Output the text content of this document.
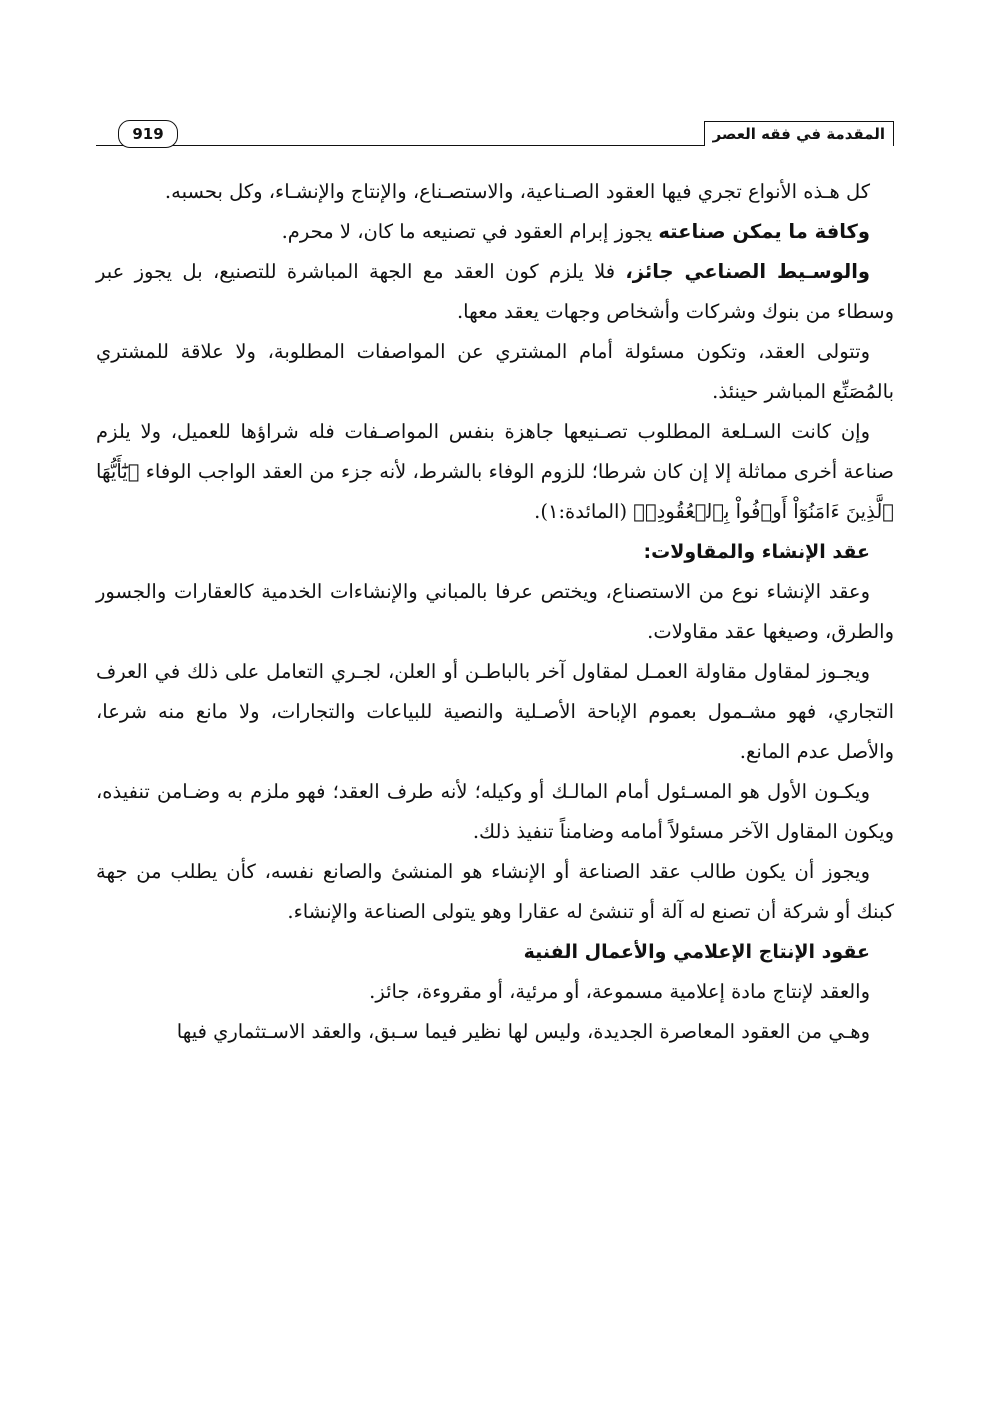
المقدمة في فقه العصر
919

كل هـذه الأنواع تجري فيها العقود الصـناعية، والاستصـناع، والإنتاج والإنشـاء، وكل بحسبه.

وكافة ما يمكن صناعته يجوز إبرام العقود في تصنيعه ما كان، لا محرم.

والوسـيط الصناعي جائز، فلا يلزم كون العقد مع الجهة المباشرة للتصنيع، بل يجوز عبر وسطاء من بنوك وشركات وأشخاص وجهات يعقد معها.

وتتولى العقد، وتكون مسئولة أمام المشتري عن المواصفات المطلوبة، ولا علاقة للمشتري بالمُصَنِّع المباشر حينئذ.

وإن كانت السـلعة المطلوب تصـنيعها جاهزة بنفس المواصـفات فله شراؤها للعميل، ولا يلزم صناعة أخرى مماثلة إلا إن كان شرطا؛ للزوم الوفاء بالشرط، لأنه جزء من العقد الواجب الوفاء ﴿يَٰٓأَيُّهَا ٱلَّذِينَ ءَامَنُوٓاْ أَوۡفُواْ بِٱلۡعُقُودِۚ﴾ (المائدة:١).

عقد الإنشاء والمقاولات:

وعقد الإنشاء نوع من الاستصناع، ويختص عرفا بالمباني والإنشاءات الخدمية كالعقارات والجسور والطرق، وصيغها عقد مقاولات.

ويجـوز لمقاول مقاولة العمـل لمقاول آخر بالباطـن أو العلن، لجـري التعامل على ذلك في العرف التجاري، فهو مشـمول بعموم الإباحة الأصـلية والنصية للبياعات والتجارات، ولا مانع منه شرعا، والأصل عدم المانع.

ويكـون الأول هو المسـئول أمام المالـك أو وكيله؛ لأنه طرف العقد؛ فهو ملزم به وضـامن تنفيذه، ويكون المقاول الآخر مسئولاً أمامه وضامناً تنفيذ ذلك.

ويجوز أن يكون طالب عقد الصناعة أو الإنشاء هو المنشئ والصانع نفسه، كأن يطلب من جهة كبنك أو شركة أن تصنع له آلة أو تنشئ له عقارا وهو يتولى الصناعة والإنشاء.

عقود الإنتاج الإعلامي والأعمال الفنية

والعقد لإنتاج مادة إعلامية مسموعة، أو مرئية، أو مقروءة، جائز.

وهـي من العقود المعاصرة الجديدة، وليس لها نظير فيما سـبق، والعقد الاسـتثماري فيها
